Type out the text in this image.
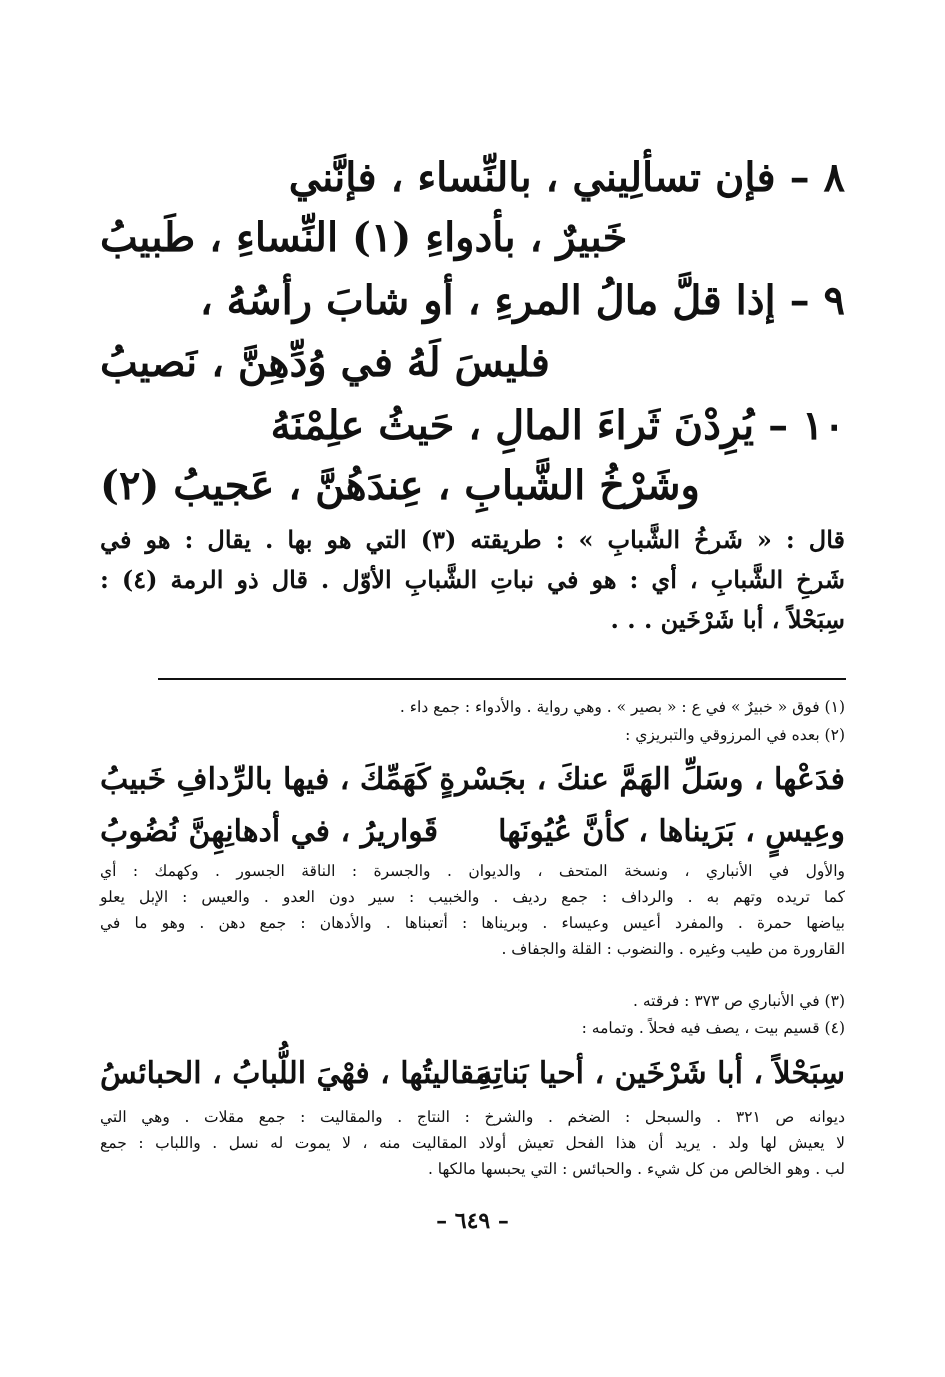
٨ – فإن تسألِيني ، بالنِّساء ، فإنَّني
خَبيرٌ ، بأدواءِ (١) النِّساءِ ، طَبيبُ
٩ – إذا قلَّ مالُ المرءِ ، أو شابَ رأسُهُ ،
فليسَ لَهُ في وُدِّهِنَّ ، نَصيبُ
١٠ – يُرِدْنَ ثَراءَ المالِ ، حَيثُ علِمْنَهُ
وشَرْخُ الشَّبابِ ، عِندَهُنَّ ، عَجيبُ (٢)
قال : « شَرخُ الشَّبابِ » : طريقته (٣) التي هو بها . يقال : هو في
شَرخِ الشَّبابِ ، أي : هو في نباتِ الشَّبابِ الأوّل . قال ذو الرمة (٤) :
سِبَحْلاً ، أبا شَرْخَين . . .
(١) فوق « خبيرٌ » في ع : « بصير » . وهي رواية . والأدواء : جمع داء .
(٢) بعده في المرزوقي والتبريزي :
فدَعْها ، وسَلِّ الهَمَّ عنكَ ، بجَسْرةٍ
كَهَمِّكَ ، فيها بالرِّدافِ خَبيبُ
وعِيسٍ ، بَرَيناها ، كأنَّ عُيُونَها
قَواريرُ ، في أدهانِهِنَّ نُضُوبُ
والأول في الأنباري ، ونسخة المتحف ، والديوان . والجسرة : الناقة الجسور . وكهمك : أي
كما تريده وتهم به . والرداف : جمع رديف . والخبيب : سير دون العدو . والعيس : الإبل يعلو
بياضها حمرة . والمفرد أعيس وعيساء . وبريناها : أتعبناها . والأدهان : جمع دهن . وهو ما في
القارورة من طيب وغيره . والنضوب : القلة والجفاف .
(٣) في الأنباري ص ٣٧٣ : فرقته .
(٤) قسيم بيت ، يصف فيه فحلاً . وتمامه :
سِبَحْلاً ، أبا شَرْخَين ، أحيا بَناتِهِ
مَقاليتُها ، فهْيَ اللُّبابُ ، الحبائسُ
ديوانه ص ٣٢١ . والسبحل : الضخم . والشرخ : النتاج . والمقاليت : جمع مقلات . وهي التي
لا يعيش لها ولد . يريد أن هذا الفحل تعيش أولاد المقاليت منه ، لا يموت له نسل . واللباب : جمع
لب . وهو الخالص من كل شيء . والحبائس : التي يحبسها مالكها .
– ٦٤٩ –
